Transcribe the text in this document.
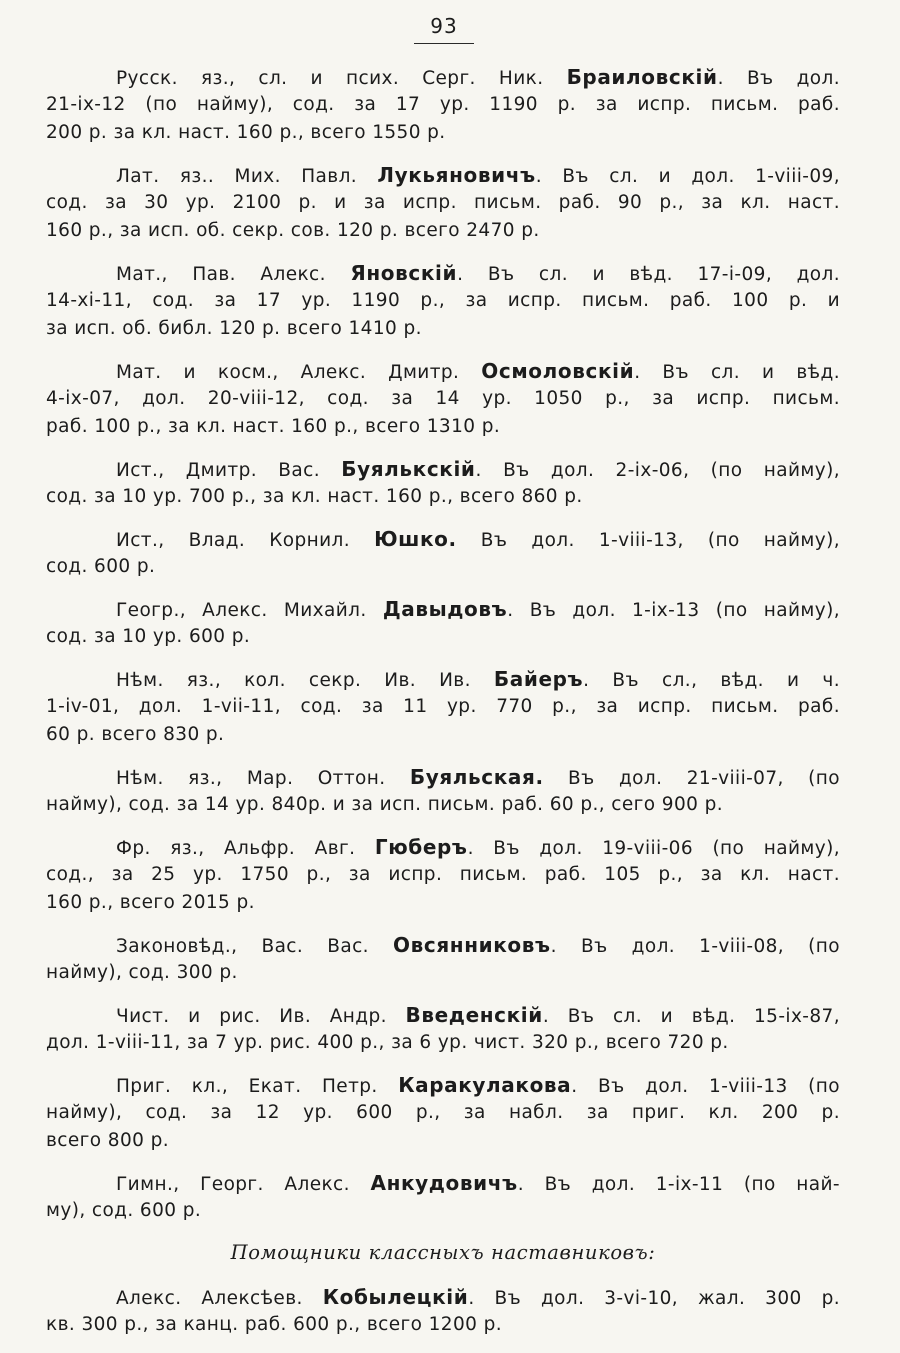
93
Русск. яз., сл. и псих. Серг. Ник. Браиловскій. Въ дол.
21-ix-12 (по найму), сод. за 17 ур. 1190 р. за испр. письм. раб.
200 р. за кл. наст. 160 р., всего 1550 р.
Лат. яз.. Мих. Павл. Лукьяновичъ. Въ сл. и дол. 1-viii-09,
сод. за 30 ур. 2100 р. и за испр. письм. раб. 90 р., за кл. наст.
160 р., за исп. об. секр. сов. 120 р. всего 2470 р.
Мат., Пав. Алекс. Яновскій. Въ сл. и вѣд. 17-i-09, дол.
14-xi-11, сод. за 17 ур. 1190 р., за испр. письм. раб. 100 р. и
за исп. об. библ. 120 р. всего 1410 р.
Мат. и косм., Алекс. Дмитр. Осмоловскій. Въ сл. и вѣд.
4-ix-07, дол. 20-viii-12, сод. за 14 ур. 1050 р., за испр. письм.
раб. 100 р., за кл. наст. 160 р., всего 1310 р.
Ист., Дмитр. Вас. Буялькскій. Въ дол. 2-ix-06, (по найму),
сод. за 10 ур. 700 р., за кл. наст. 160 р., всего 860 р.
Ист., Влад. Корнил. Юшко. Въ дол. 1-viii-13, (по найму),
сод. 600 р.
Геогр., Алекс. Михайл. Давыдовъ. Въ дол. 1-ix-13 (по найму),
сод. за 10 ур. 600 р.
Нѣм. яз., кол. секр. Ив. Ив. Байеръ. Въ сл., вѣд. и ч.
1-iv-01, дол. 1-vii-11, сод. за 11 ур. 770 р., за испр. письм. раб.
60 р. всего 830 р.
Нѣм. яз., Мар. Оттон. Буяльская. Въ дол. 21-viii-07, (по
найму), сод. за 14 ур. 840р. и за исп. письм. раб. 60 р., сего 900 р.
Фр. яз., Альфр. Авг. Гюберъ. Въ дол. 19-viii-06 (по найму),
сод., за 25 ур. 1750 р., за испр. письм. раб. 105 р., за кл. наст.
160 р., всего 2015 р.
Законовѣд., Вас. Вас. Овсянниковъ. Въ дол. 1-viii-08, (по
найму), сод. 300 р.
Чист. и рис. Ив. Андр. Введенскій. Въ сл. и вѣд. 15-ix-87,
дол. 1-viii-11, за 7 ур. рис. 400 р., за 6 ур. чист. 320 р., всего 720 р.
Приг. кл., Екат. Петр. Каракулакова. Въ дол. 1-viii-13 (по
найму), сод. за 12 ур. 600 р., за набл. за приг. кл. 200 р.
всего 800 р.
Гимн., Георг. Алекс. Анкудовичъ. Въ дол. 1-ix-11 (по най-
му), сод. 600 р.
Помощники классныхъ наставниковъ:
Алекс. Алексѣев. Кобылецкій. Въ дол. 3-vi-10, жал. 300 р.
кв. 300 р., за канц. раб. 600 р., всего 1200 р.
